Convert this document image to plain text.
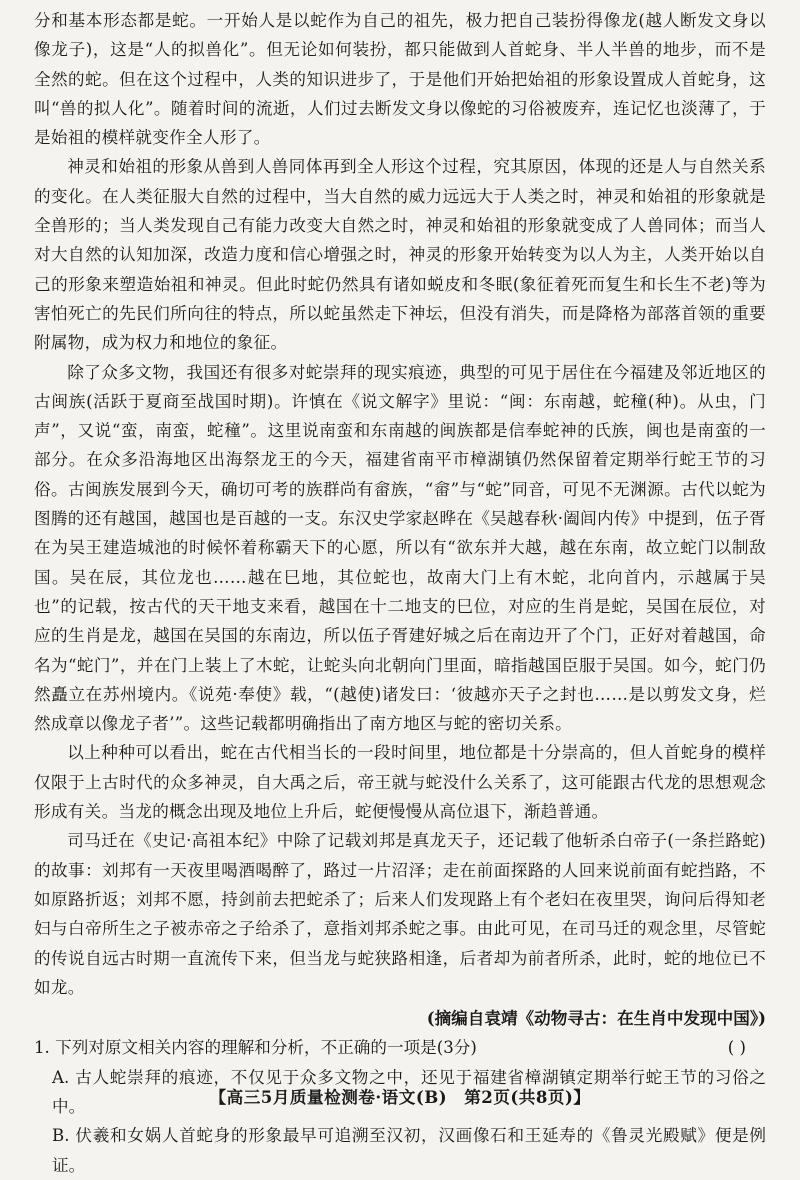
分和基本形态都是蛇。一开始人是以蛇作为自己的祖先，极力把自己装扮得像龙(越人断发文身以像龙子)，这是“人的拟兽化”。但无论如何装扮，都只能做到人首蛇身、半人半兽的地步，而不是全然的蛇。但在这个过程中，人类的知识进步了，于是他们开始把始祖的形象设置成人首蛇身，这叫“兽的拟人化”。随着时间的流逝，人们过去断发文身以像蛇的习俗被废弃，连记忆也淡薄了，于是始祖的模样就变作全人形了。

神灵和始祖的形象从兽到人兽同体再到全人形这个过程，究其原因，体现的还是人与自然关系的变化。在人类征服大自然的过程中，当大自然的威力远远大于人类之时，神灵和始祖的形象就是全兽形的；当人类发现自己有能力改变大自然之时，神灵和始祖的形象就变成了人兽同体；而当人对大自然的认知加深，改造力度和信心增强之时，神灵的形象开始转变为以人为主，人类开始以自己的形象来塑造始祖和神灵。但此时蛇仍然具有诸如蜕皮和冬眠(象征着死而复生和长生不老)等为害怕死亡的先民们所向往的特点，所以蛇虽然走下神坛，但没有消失，而是降格为部落首领的重要附属物，成为权力和地位的象征。

除了众多文物，我国还有很多对蛇崇拜的现实痕迹，典型的可见于居住在今福建及邻近地区的古闽族(活跃于夏商至战国时期)。许慎在《说文解字》里说：“闽：东南越，蛇穜(种)。从虫，门声”，又说“蛮，南蛮，蛇穜”。这里说南蛮和东南越的闽族都是信奉蛇神的氏族，闽也是南蛮的一部分。在众多沿海地区出海祭龙王的今天，福建省南平市樟湖镇仍然保留着定期举行蛇王节的习俗。古闽族发展到今天，确切可考的族群尚有畲族，“畲”与“蛇”同音，可见不无渊源。古代以蛇为图腾的还有越国，越国也是百越的一支。东汉史学家赵晔在《吴越春秋·阖闾内传》中提到，伍子胥在为吴王建造城池的时候怀着称霸天下的心愿，所以有“欲东并大越，越在东南，故立蛇门以制敌国。吴在辰，其位龙也……越在巳地，其位蛇也，故南大门上有木蛇，北向首内，示越属于吴也”的记载，按古代的天干地支来看，越国在十二地支的巳位，对应的生肖是蛇，吴国在辰位，对应的生肖是龙，越国在吴国的东南边，所以伍子胥建好城之后在南边开了个门，正好对着越国，命名为“蛇门”，并在门上装上了木蛇，让蛇头向北朝向门里面，暗指越国臣服于吴国。如今，蛇门仍然矗立在苏州境内。《说苑·奉使》载，“(越使)诸发曰：‘彼越亦天子之封也……是以剪发文身，烂然成章以像龙子者’”。这些记载都明确指出了南方地区与蛇的密切关系。

以上种种可以看出，蛇在古代相当长的一段时间里，地位都是十分崇高的，但人首蛇身的模样仅限于上古时代的众多神灵，自大禹之后，帝王就与蛇没什么关系了，这可能跟古代龙的思想观念形成有关。当龙的概念出现及地位上升后，蛇便慢慢从高位退下，渐趋普通。

司马迁在《史记·高祖本纪》中除了记载刘邦是真龙天子，还记载了他斩杀白帝子(一条拦路蛇)的故事：刘邦有一天夜里喝酒喝醉了，路过一片沼泽；走在前面探路的人回来说前面有蛇挡路，不如原路折返；刘邦不愿，持剑前去把蛇杀了；后来人们发现路上有个老妇在夜里哭，询问后得知老妇与白帝所生之子被赤帝之子给杀了，意指刘邦杀蛇之事。由此可见，在司马迁的观念里，尽管蛇的传说自远古时期一直流传下来，但当龙与蛇狭路相逢，后者却为前者所杀，此时，蛇的地位已不如龙。

(摘编自袁靖《动物寻古：在生肖中发现中国》)

1. 下列对原文相关内容的理解和分析，不正确的一项是(3分)	( )

A. 古人蛇崇拜的痕迹，不仅见于众多文物之中，还见于福建省樟湖镇定期举行蛇王节的习俗之中。

B. 伏羲和女娲人首蛇身的形象最早可追溯至汉初，汉画像石和王延寿的《鲁灵光殿赋》便是例证。

【高三5月质量检测卷·语文(B)　第2页(共8页)】
